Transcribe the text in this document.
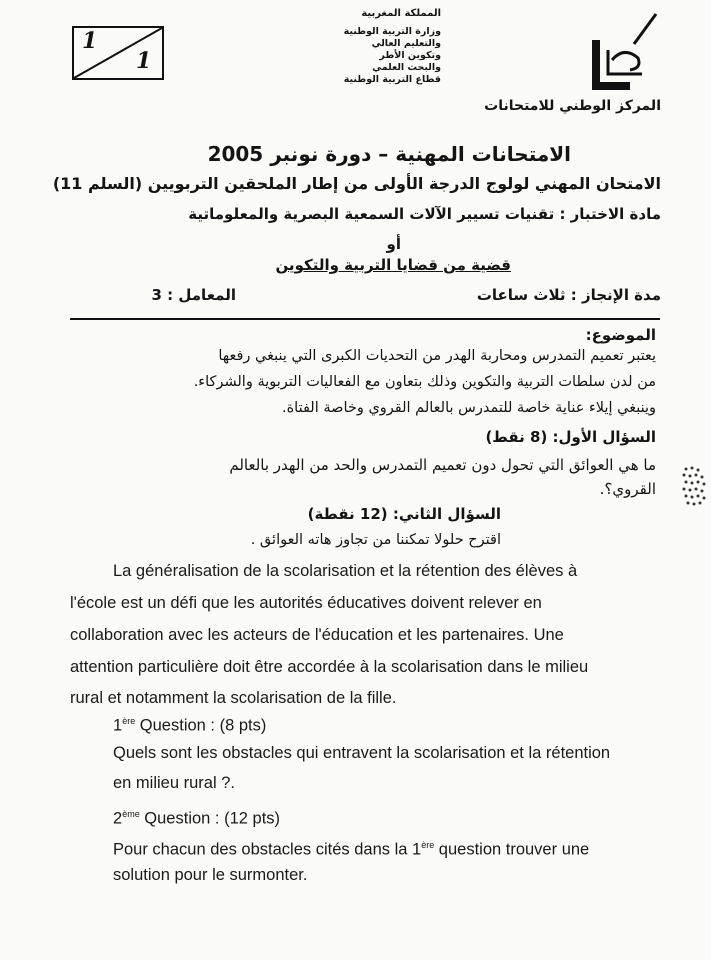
1
1
المملكة المغربية
وزارة التربية الوطنية
والتعليم العالي
وتكوين الأطر
والبحث العلمي
قطاع التربية الوطنية
المركز الوطني للامتحانات
الامتحانات المهنية – دورة نونبر 2005
الامتحان المهني لولوج الدرجة الأولى من إطار الملحقين التربويين (السلم 11)
مادة الاختبار : تقنيات تسيير الآلات السمعية البصرية والمعلوماتية
أو
قضية من قضايا التربية والتكوين
مدة الإنجاز : ثلاث ساعات
المعامل : 3
الموضوع:
يعتبر تعميم التمدرس ومحاربة الهدر من التحديات الكبرى التي ينبغي رفعها
من لدن سلطات التربية والتكوين وذلك بتعاون مع الفعاليات التربوية والشركاء.
وينبغي إيلاء عناية خاصة للتمدرس بالعالم القروي وخاصة الفتاة.
السؤال الأول: (8 نقط)
ما هي العوائق التي تحول دون تعميم التمدرس والحد من الهدر بالعالم
القروي؟.
السؤال الثاني: (12 نقطة)
اقترح حلولا تمكننا من تجاوز هاته العوائق .
La généralisation de la scolarisation et la rétention des élèves à
l'école est un défi que les autorités éducatives doivent relever en
collaboration avec les acteurs de l'éducation et les partenaires. Une
attention particulière doit être accordée à la scolarisation dans le milieu
rural et notamment la scolarisation de la fille.
1ère Question : (8 pts)
Quels sont les obstacles qui entravent la scolarisation et la rétention
en milieu rural ?.
2ème Question : (12 pts)
Pour chacun des obstacles cités dans la 1ère question trouver une
solution pour le surmonter.
